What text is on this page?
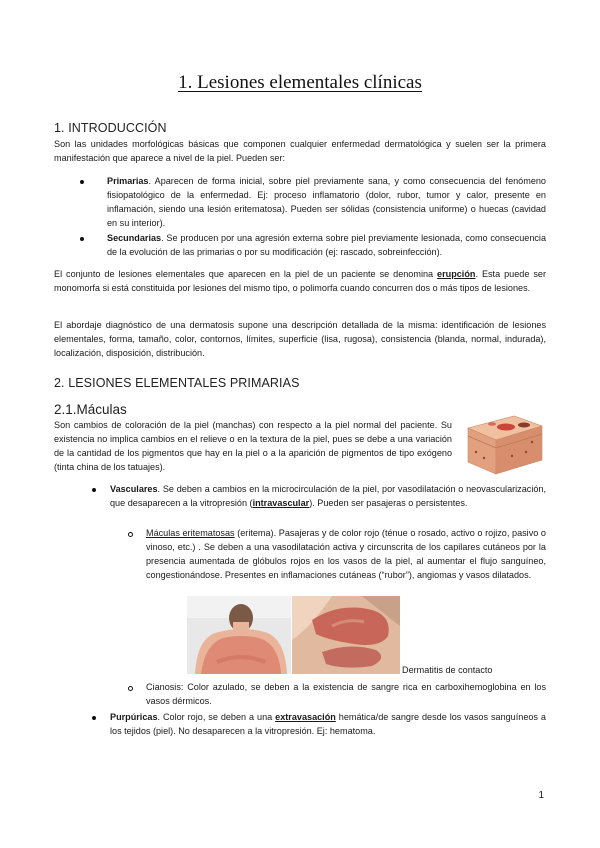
1. Lesiones elementales clínicas
1. INTRODUCCIÓN
Son las unidades morfológicas básicas que componen cualquier enfermedad dermatológica y suelen ser la primera manifestación que aparece a nivel de la piel. Pueden ser:
Primarias. Aparecen de forma inicial, sobre piel previamente sana, y como consecuencia del fenómeno fisiopatológico de la enfermedad. Ej: proceso inflamatorio (dolor, rubor, tumor y calor, presente en inflamación, siendo una lesión eritematosa). Pueden ser sólidas (consistencia uniforme) o huecas (cavidad en su interior).
Secundarias. Se producen por una agresión externa sobre piel previamente lesionada, como consecuencia de la evolución de las primarias o por su modificación (ej: rascado, sobreinfección).
El conjunto de lesiones elementales que aparecen en la piel de un paciente se denomina erupción. Esta puede ser monomorfa si está constituida por lesiones del mismo tipo, o polimorfa cuando concurren dos o más tipos de lesiones.
El abordaje diagnóstico de una dermatosis supone una descripción detallada de la misma: identificación de lesiones elementales, forma, tamaño, color, contornos, límites, superficie (lisa, rugosa), consistencia (blanda, normal, indurada), localización, disposición, distribución.
2. LESIONES ELEMENTALES PRIMARIAS
2.1.Máculas
Son cambios de coloración de la piel (manchas) con respecto a la piel normal del paciente. Su existencia no implica cambios en el relieve o en la textura de la piel, pues se debe a una variación de la cantidad de los pigmentos que hay en la piel o a la aparición de pigmentos de tipo exógeno (tinta china de los tatuajes).
Vasculares. Se deben a cambios en la microcirculación de la piel, por vasodilatación o neovascularización, que desaparecen a la vitropresión (intravascular). Pueden ser pasajeras o persistentes.
Máculas eritematosas (eritema). Pasajeras y de color rojo (ténue o rosado, activo o rojizo, pasivo o vinoso, etc.) . Se deben a una vasodilatación activa y circunscrita de los capilares cutáneos por la presencia aumentada de glóbulos rojos en los vasos de la piel, al aumentar el flujo sanguíneo, congestionándose. Presentes en inflamaciones cutáneas (“rubor”), angiomas y vasos dilatados.
Dermatitis de contacto
Cianosis: Color azulado, se deben a la existencia de sangre rica en carboxihemoglobina en los vasos dérmicos.
Purpúricas. Color rojo, se deben a una extravasación hemática/de sangre desde los vasos sanguíneos a los tejidos (piel). No desaparecen a la vitropresión. Ej: hematoma.
1
